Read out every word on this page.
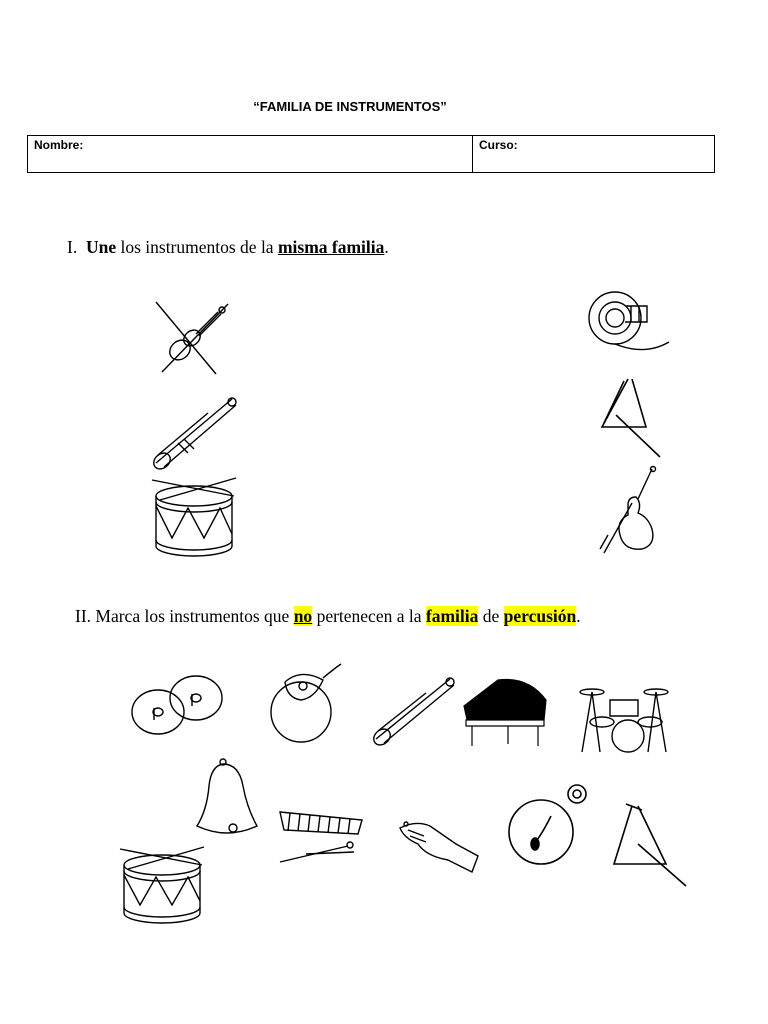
“FAMILIA DE INSTRUMENTOS”
Nombre:	Curso:
I. Une los instrumentos de la misma familia.
II. Marca los instrumentos que no pertenecen a la familia de percusión.
